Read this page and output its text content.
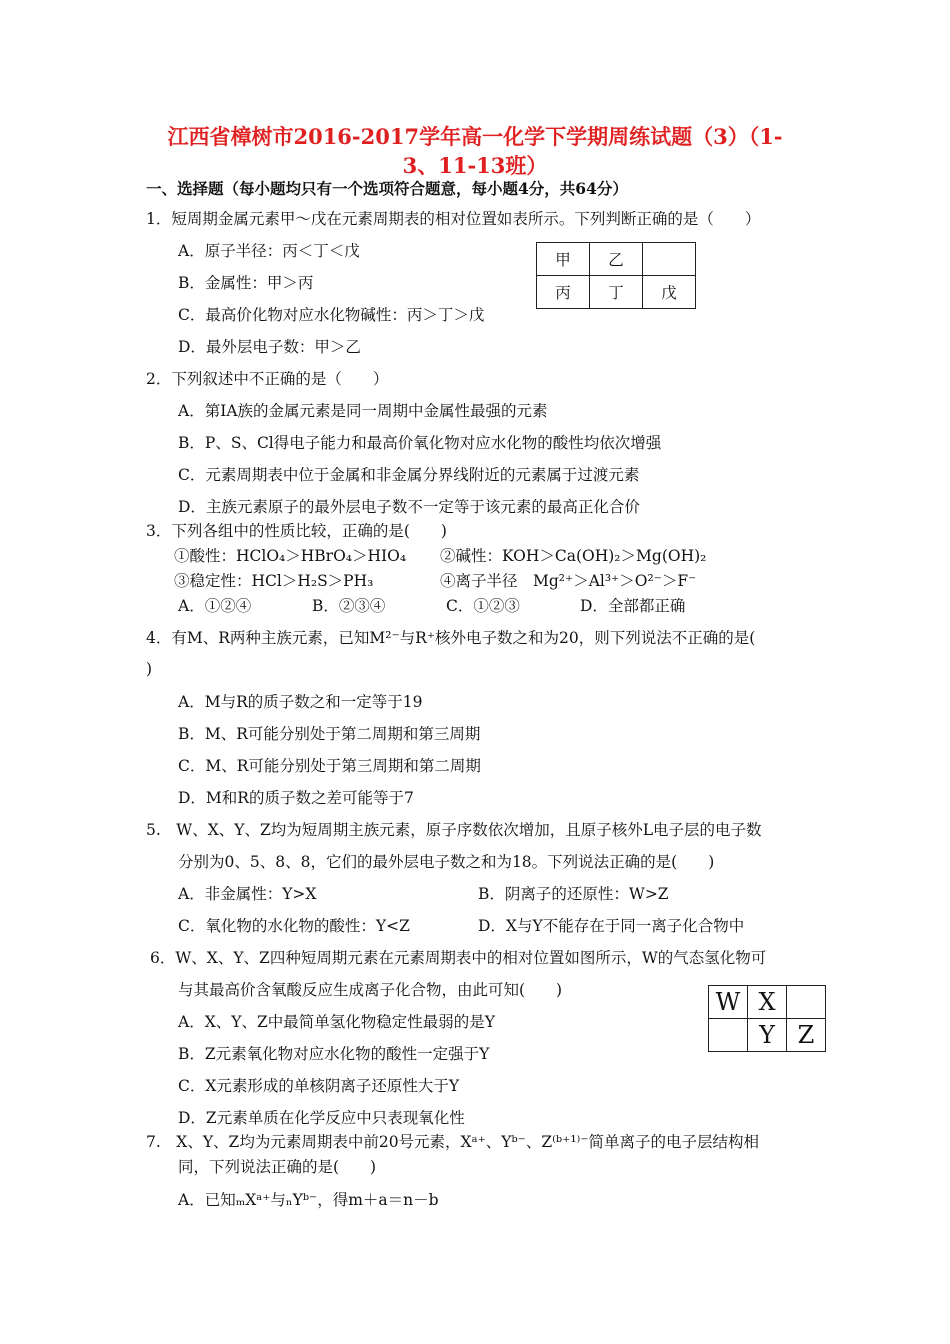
江西省樟树市2016-2017学年高一化学下学期周练试题（3）（1-
3、11-13班）
一、选择题（每小题均只有一个选项符合题意，每小题4分，共64分）
1．短周期金属元素甲～戊在元素周期表的相对位置如表所示。下列判断正确的是（　　）
A．原子半径：丙＜丁＜戊
B．金属性：甲＞丙
C．最高价化物对应水化物碱性：丙＞丁＞戊
D．最外层电子数：甲＞乙
甲	乙	
丙	丁	戊
2．下列叙述中不正确的是（　　）
A．第ⅠA族的金属元素是同一周期中金属性最强的元素
B．P、S、Cl得电子能力和最高价氧化物对应水化物的酸性均依次增强
C．元素周期表中位于金属和非金属分界线附近的元素属于过渡元素
D．主族元素原子的最外层电子数不一定等于该元素的最高正化合价
3．下列各组中的性质比较，正确的是(　　)
①酸性：HClO₄＞HBrO₄＞HIO₄ ②碱性：KOH＞Ca(OH)₂＞Mg(OH)₂
③稳定性：HCl＞H₂S＞PH₃	④离子半径　Mg²⁺＞Al³⁺＞O²⁻＞F⁻
A．①②④	B．②③④	C．①②③	D．全部都正确
4．有M、R两种主族元素，已知M²⁻与R⁺核外电子数之和为20，则下列说法不正确的是(
)
A．M与R的质子数之和一定等于19
B．M、R可能分别处于第二周期和第三周期
C．M、R可能分别处于第三周期和第二周期
D．M和R的质子数之差可能等于7
5.　W、X、Y、Z均为短周期主族元素，原子序数依次增加，且原子核外L电子层的电子数
分别为0、5、8、8，它们的最外层电子数之和为18。下列说法正确的是(　　)
A．非金属性：Y>X	B．阴离子的还原性：W>Z
C．氧化物的水化物的酸性：Y<Z	D．X与Y不能存在于同一离子化合物中
6．W、X、Y、Z四种短周期元素在元素周期表中的相对位置如图所示，W的气态氢化物可
与其最高价含氧酸反应生成离子化合物，由此可知(　　)
A．X、Y、Z中最简单氢化物稳定性最弱的是Y
B．Z元素氧化物对应水化物的酸性一定强于Y
C．X元素形成的单核阴离子还原性大于Y
D．Z元素单质在化学反应中只表现氧化性
W	X	
	Y	Z
7.　X、Y、Z均为元素周期表中前20号元素，Xᵃ⁺、Yᵇ⁻、Z⁽ᵇ⁺¹⁾⁻简单离子的电子层结构相
同，下列说法正确的是(　　)
A．已知ₘXᵃ⁺与ₙYᵇ⁻，得m＋a＝n－b
